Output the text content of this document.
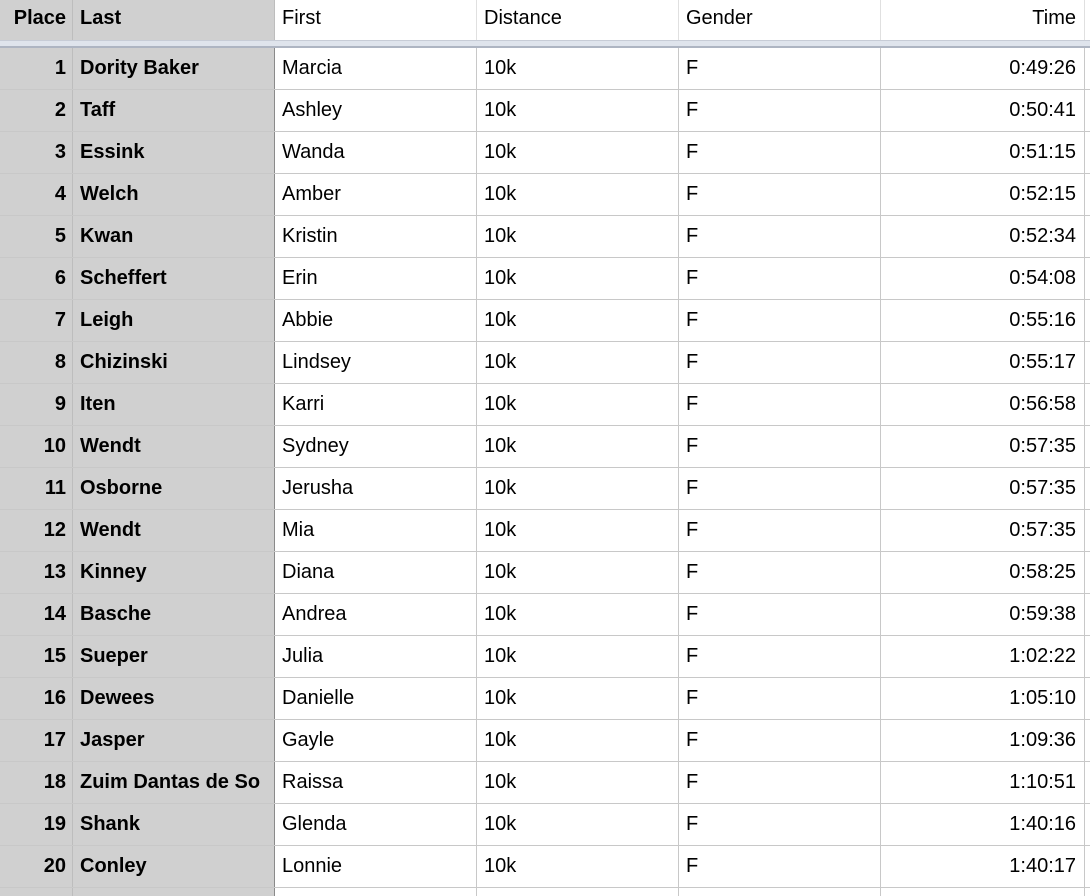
Place Last	First	Distance	Gender	Time
1 Dority Baker	Marcia	10k	F	0:49:26
2 Taff	Ashley	10k	F	0:50:41
3 Essink	Wanda	10k	F	0:51:15
4 Welch	Amber	10k	F	0:52:15
5 Kwan	Kristin	10k	F	0:52:34
6 Scheffert	Erin	10k	F	0:54:08
7 Leigh	Abbie	10k	F	0:55:16
8 Chizinski	Lindsey	10k	F	0:55:17
9 Iten	Karri	10k	F	0:56:58
10 Wendt	Sydney	10k	F	0:57:35
11 Osborne	Jerusha	10k	F	0:57:35
12 Wendt	Mia	10k	F	0:57:35
13 Kinney	Diana	10k	F	0:58:25
14 Basche	Andrea	10k	F	0:59:38
15 Sueper	Julia	10k	F	1:02:22
16 Dewees	Danielle	10k	F	1:05:10
17 Jasper	Gayle	10k	F	1:09:36
18 Zuim Dantas de So	Raissa	10k	F	1:10:51
19 Shank	Glenda	10k	F	1:40:16
20 Conley	Lonnie	10k	F	1:40:17
